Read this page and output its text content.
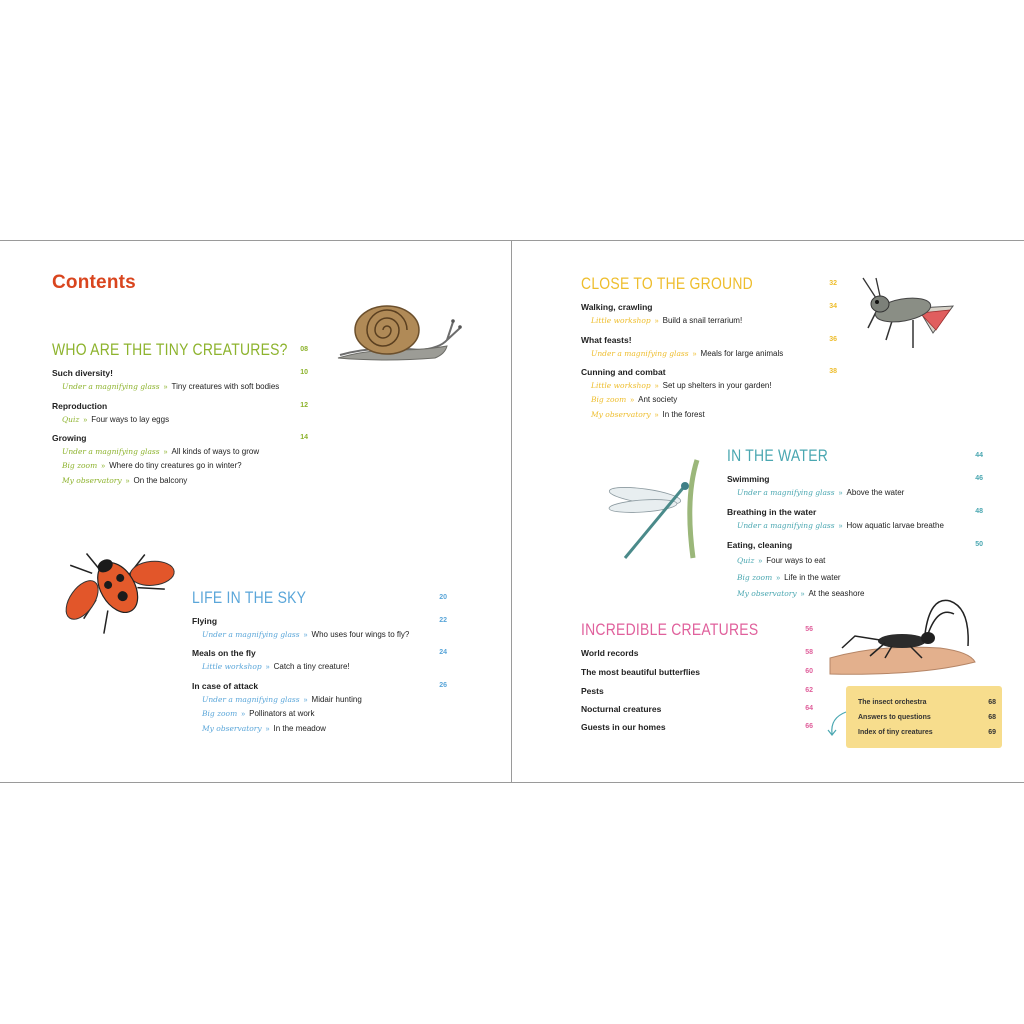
Contents
WHO ARE THE TINY CREATURES?	08
Such diversity!	10
Under a magnifying glass » Tiny creatures with soft bodies
Reproduction	12
Quiz » Four ways to lay eggs
Growing	14
Under a magnifying glass » All kinds of ways to grow
Big zoom » Where do tiny creatures go in winter?
My observatory » On the balcony
LIFE IN THE SKY	20
Flying	22
Under a magnifying glass » Who uses four wings to fly?
Meals on the fly	24
Little workshop » Catch a tiny creature!
In case of attack	26
Under a magnifying glass » Midair hunting
Big zoom » Pollinators at work
My observatory » In the meadow
CLOSE TO THE GROUND	32
Walking, crawling	34
Little workshop » Build a snail terrarium!
What feasts!	36
Under a magnifying glass » Meals for large animals
Cunning and combat	38
Little workshop » Set up shelters in your garden!
Big zoom » Ant society
My observatory » In the forest
IN THE WATER	44
Swimming	46
Under a magnifying glass » Above the water
Breathing in the water	48
Under a magnifying glass » How aquatic larvae breathe
Eating, cleaning	50
Quiz » Four ways to eat
Big zoom » Life in the water
My observatory » At the seashore
INCREDIBLE CREATURES	56
World records	58
The most beautiful butterflies	60
Pests	62
Nocturnal creatures	64
Guests in our homes	66
The insect orchestra	68
Answers to questions	68
Index of tiny creatures	69
